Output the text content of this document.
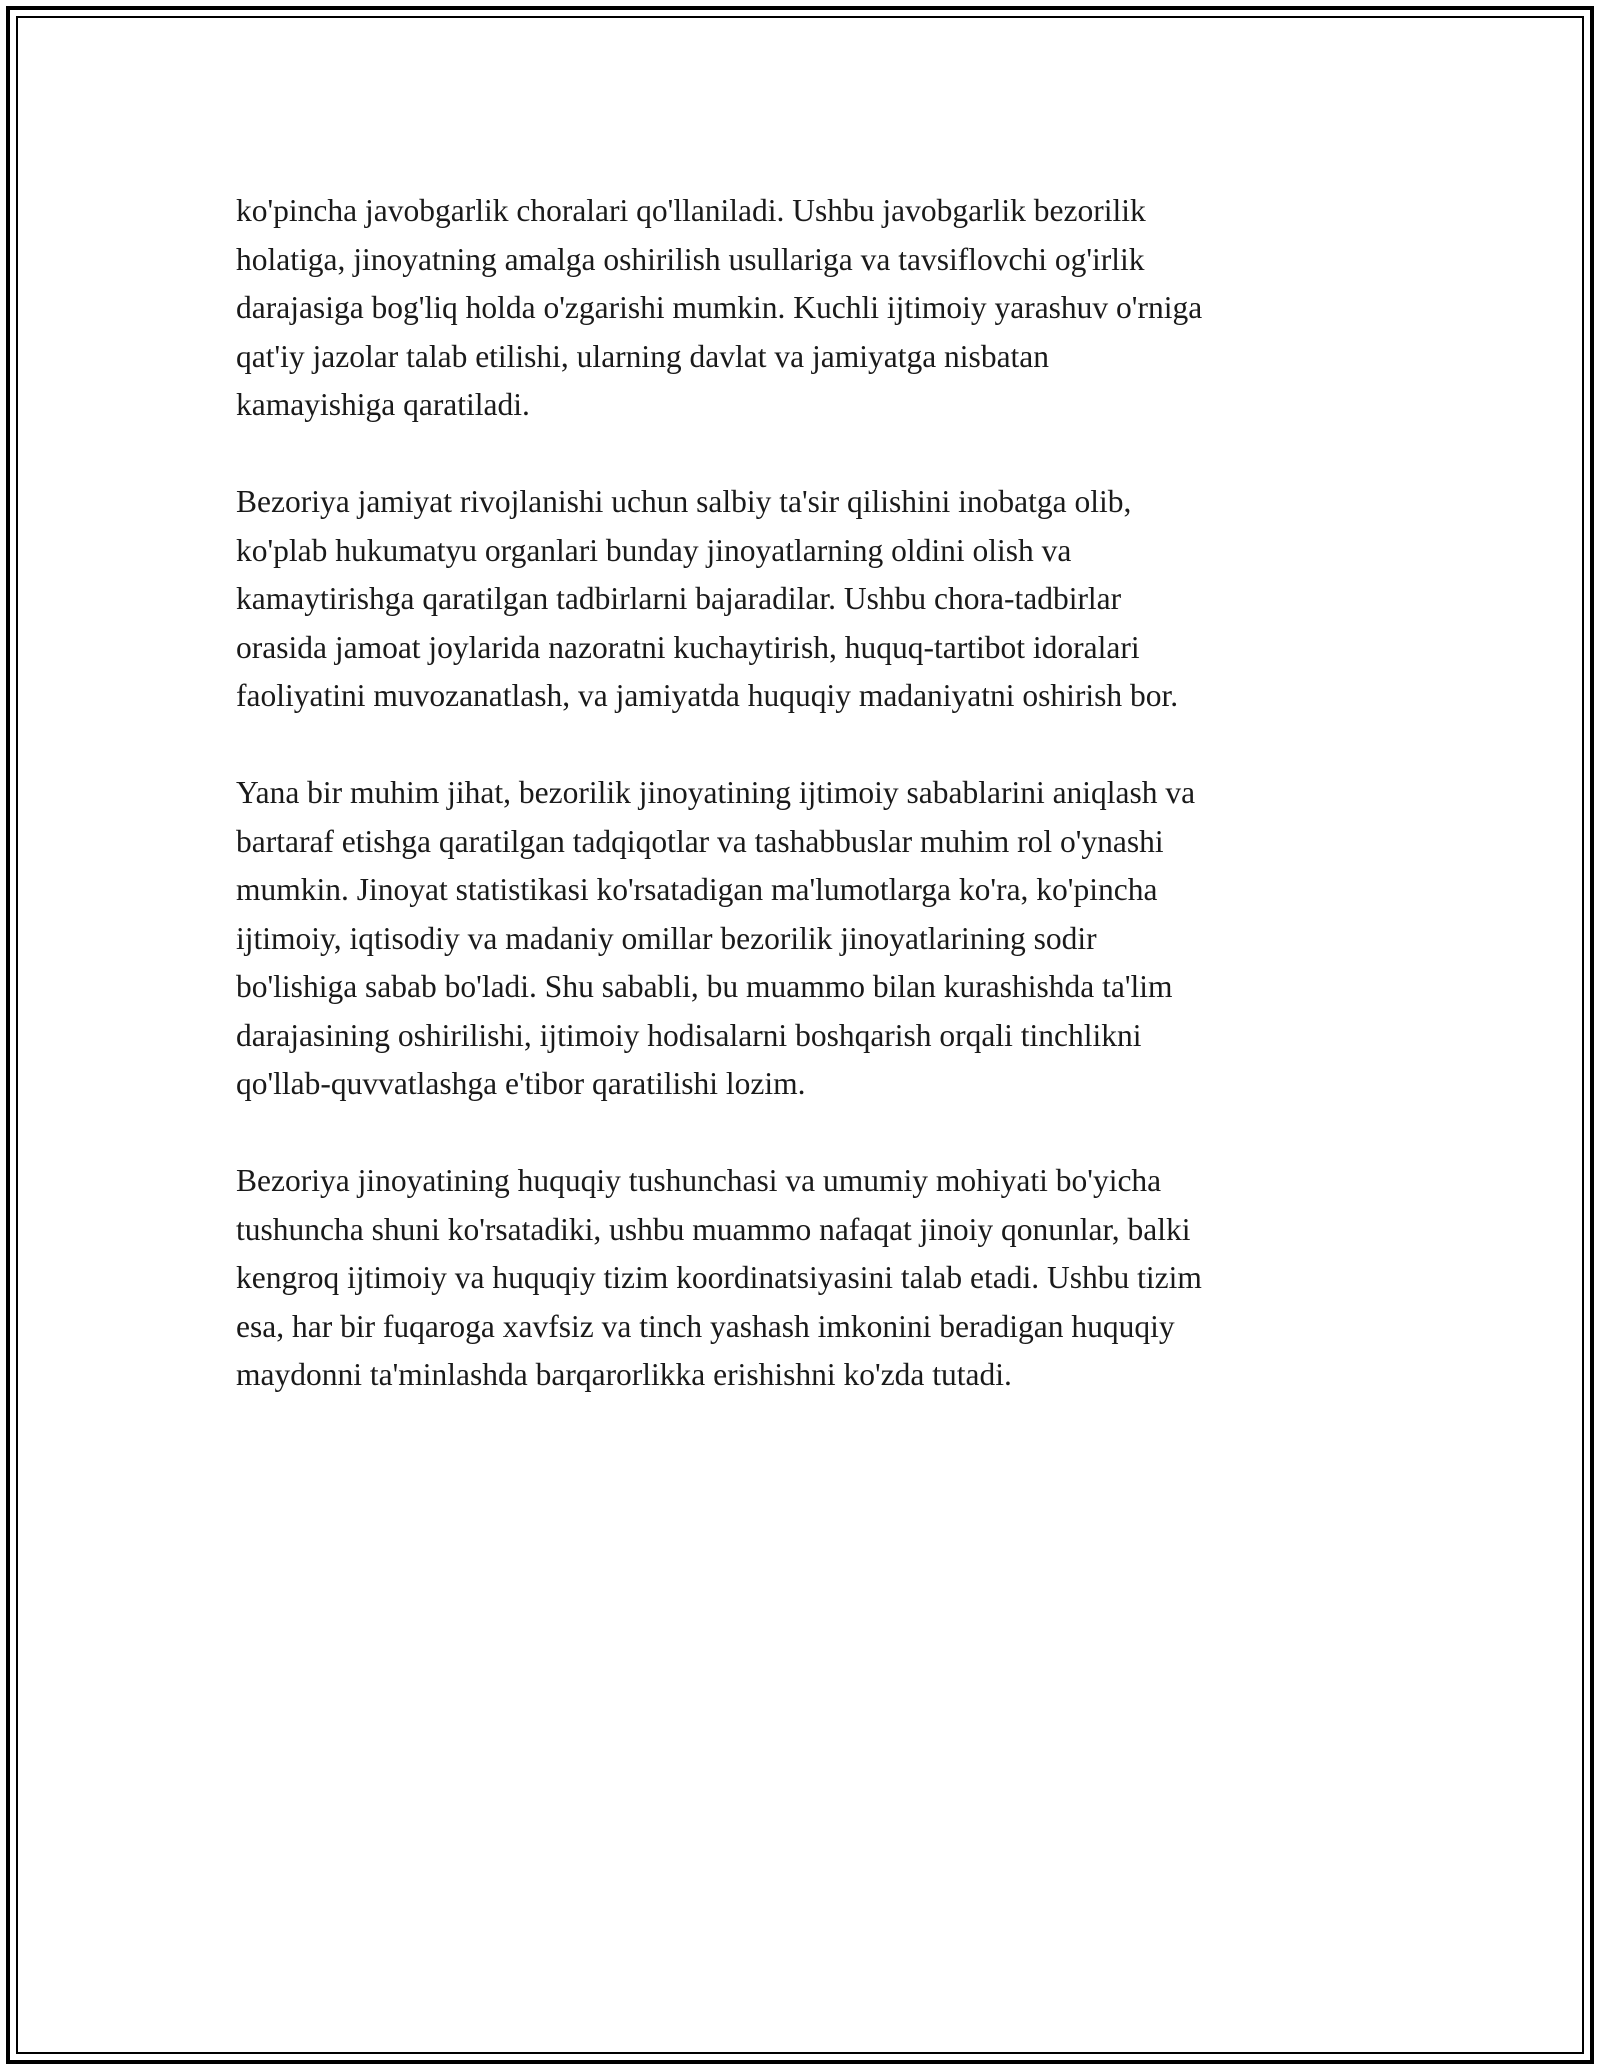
ko'pincha javobgarlik choralari qo'llaniladi. Ushbu javobgarlik bezorilik
holatiga, jinoyatning amalga oshirilish usullariga va tavsiflovchi og'irlik
darajasiga bog'liq holda o'zgarishi mumkin. Kuchli ijtimoiy yarashuv o'rniga
qat'iy jazolar talab etilishi, ularning davlat va jamiyatga nisbatan
kamayishiga qaratiladi.

Bezoriya jamiyat rivojlanishi uchun salbiy ta'sir qilishini inobatga olib,
ko'plab hukumatyu organlari bunday jinoyatlarning oldini olish va
kamaytirishga qaratilgan tadbirlarni bajaradilar. Ushbu chora-tadbirlar
orasida jamoat joylarida nazoratni kuchaytirish, huquq-tartibot idoralari
faoliyatini muvozanatlash, va jamiyatda huquqiy madaniyatni oshirish bor.

Yana bir muhim jihat, bezorilik jinoyatining ijtimoiy sabablarini aniqlash va
bartaraf etishga qaratilgan tadqiqotlar va tashabbuslar muhim rol o'ynashi
mumkin. Jinoyat statistikasi ko'rsatadigan ma'lumotlarga ko'ra, ko'pincha
ijtimoiy, iqtisodiy va madaniy omillar bezorilik jinoyatlarining sodir
bo'lishiga sabab bo'ladi. Shu sababli, bu muammo bilan kurashishda ta'lim
darajasining oshirilishi, ijtimoiy hodisalarni boshqarish orqali tinchlikni
qo'llab-quvvatlashga e'tibor qaratilishi lozim.

Bezoriya jinoyatining huquqiy tushunchasi va umumiy mohiyati bo'yicha
tushuncha shuni ko'rsatadiki, ushbu muammo nafaqat jinoiy qonunlar, balki
kengroq ijtimoiy va huquqiy tizim koordinatsiyasini talab etadi. Ushbu tizim
esa, har bir fuqaroga xavfsiz va tinch yashash imkonini beradigan huquqiy
maydonni ta'minlashda barqarorlikka erishishni ko'zda tutadi.
